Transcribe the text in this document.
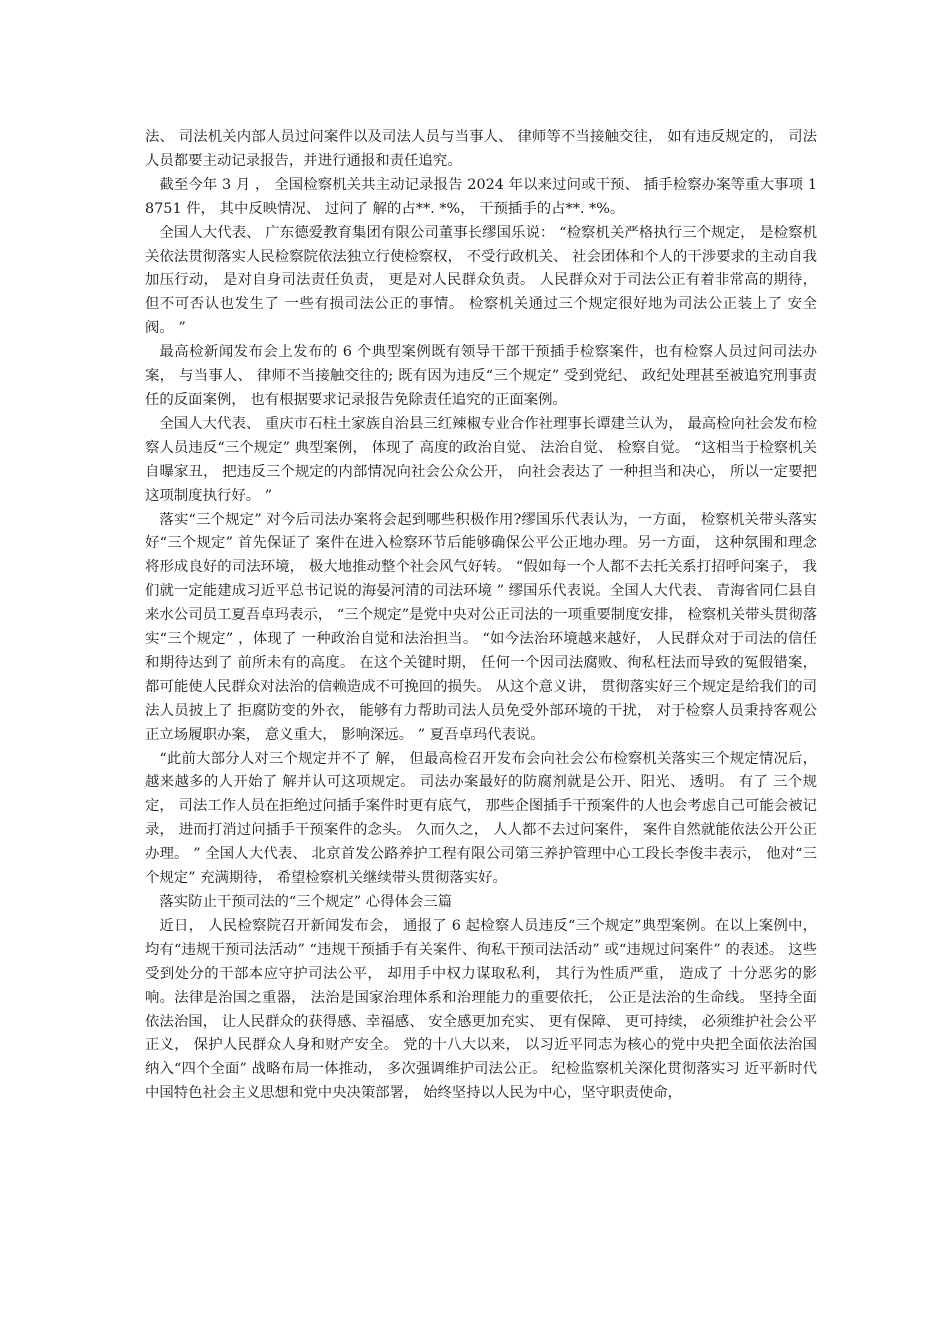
法、 司法机关内部人员过问案件以及司法人员与当事人、 律师等不当接触交往， 如有违反规定的， 司法人员都要主动记录报告，并进行通报和责任追究。

截至今年 3 月 ， 全国检察机关共主动记录报告 2024 年以来过问或干预、 插手检察办案等重大事项 18751 件， 其中反映情况、 过问了 解的占**. *%， 干预插手的占**. *%。

全国人大代表、 广东德爱教育集团有限公司董事长缪国乐说： “检察机关严格执行三个规定， 是检察机关依法贯彻落实人民检察院依法独立行使检察权， 不受行政机关、 社会团体和个人的干涉要求的主动自我加压行动， 是对自身司法责任负责， 更是对人民群众负责。 人民群众对于司法公正有着非常高的期待， 但不可否认也发生了 一些有损司法公正的事情。 检察机关通过三个规定很好地为司法公正装上了 安全阀。 ”

最高检新闻发布会上发布的 6 个典型案例既有领导干部干预插手检察案件，也有检察人员过问司法办案， 与当事人、 律师不当接触交往的; 既有因为违反“三个规定” 受到党纪、 政纪处理甚至被追究刑事责任的反面案例， 也有根据要求记录报告免除责任追究的正面案例。

全国人大代表、 重庆市石柱土家族自治县三红辣椒专业合作社理事长谭建兰认为， 最高检向社会发布检察人员违反“三个规定” 典型案例， 体现了 高度的政治自觉、 法治自觉、 检察自觉。 “这相当于检察机关自曝家丑， 把违反三个规定的内部情况向社会公众公开， 向社会表达了 一种担当和决心， 所以一定要把这项制度执行好。 ”

落实“三个规定” 对今后司法办案将会起到哪些积极作用?缪国乐代表认为，一方面， 检察机关带头落实好“三个规定” 首先保证了 案件在进入检察环节后能够确保公平公正地办理。另一方面， 这种氛围和理念将形成良好的司法环境， 极大地推动整个社会风气好转。 “假如每一个人都不去托关系打招呼问案子， 我们就一定能建成习近平总书记说的海晏河清的司法环境 ” 缪国乐代表说。全国人大代表、 青海省同仁县自来水公司员工夏吾卓玛表示， “三个规定”是党中央对公正司法的一项重要制度安排， 检察机关带头贯彻落实“三个规定” ，体现了 一种政治自觉和法治担当。 “如今法治环境越来越好， 人民群众对于司法的信任和期待达到了 前所未有的高度。 在这个关键时期， 任何一个因司法腐败、徇私枉法而导致的冤假错案， 都可能使人民群众对法治的信赖造成不可挽回的损失。 从这个意义讲， 贯彻落实好三个规定是给我们的司法人员披上了 拒腐防变的外衣， 能够有力帮助司法人员免受外部环境的干扰， 对于检察人员秉持客观公正立场履职办案， 意义重大， 影响深远。 ” 夏吾卓玛代表说。

“此前大部分人对三个规定并不了 解， 但最高检召开发布会向社会公布检察机关落实三个规定情况后， 越来越多的人开始了 解并认可这项规定。 司法办案最好的防腐剂就是公开、阳光、 透明。 有了 三个规定， 司法工作人员在拒绝过问插手案件时更有底气， 那些企图插手干预案件的人也会考虑自己可能会被记录， 进而打消过问插手干预案件的念头。 久而久之， 人人都不去过问案件， 案件自然就能依法公开公正办理。 ” 全国人大代表、 北京首发公路养护工程有限公司第三养护管理中心工段长李俊丰表示， 他对“三个规定” 充满期待， 希望检察机关继续带头贯彻落实好。

落实防止干预司法的“三个规定” 心得体会三篇

近日， 人民检察院召开新闻发布会， 通报了 6 起检察人员违反“三个规定”典型案例。在以上案例中， 均有“违规干预司法活动” “违规干预插手有关案件、徇私干预司法活动” 或“违规过问案件” 的表述。 这些受到处分的干部本应守护司法公平， 却用手中权力谋取私利， 其行为性质严重， 造成了 十分恶劣的影响。法律是治国之重器， 法治是国家治理体系和治理能力的重要依托， 公正是法治的生命线。 坚持全面依法治国， 让人民群众的获得感、幸福感、 安全感更加充实、 更有保障、 更可持续， 必须维护社会公平正义， 保护人民群众人身和财产安全。 党的十八大以来， 以习近平同志为核心的党中央把全面依法治国纳入“四个全面” 战略布局一体推动， 多次强调维护司法公正。 纪检监察机关深化贯彻落实习 近平新时代中国特色社会主义思想和党中央决策部署， 始终坚持以人民为中心，坚守职责使命，
